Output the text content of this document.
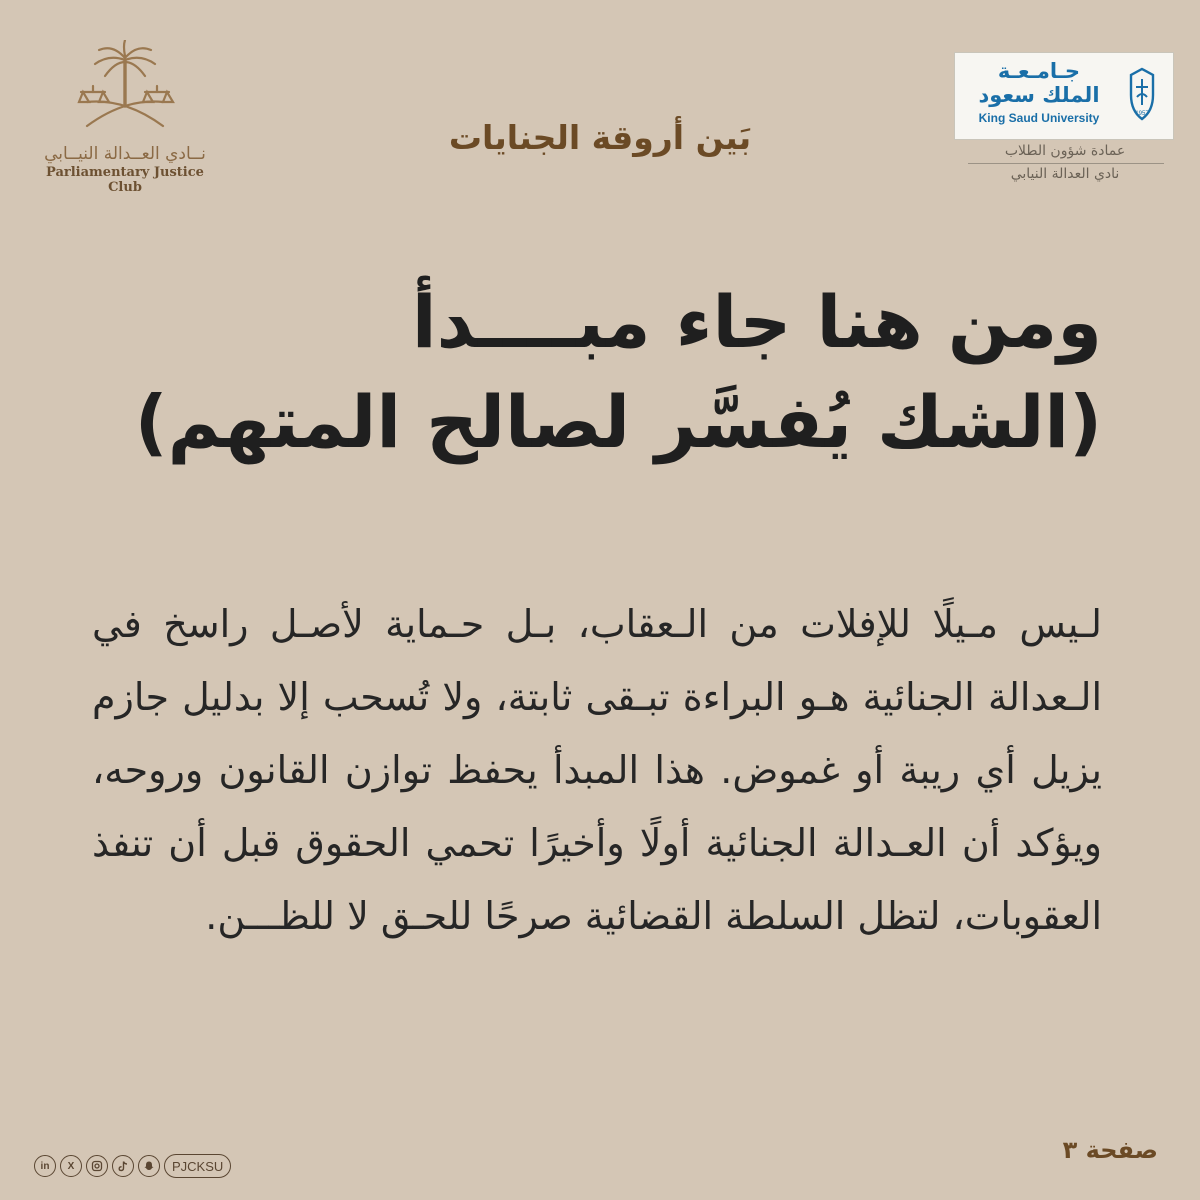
نــادي العــدالة النيــابي
Parliamentary Justice Club
1957
جـامـعـة
الملك سعود
King Saud University
عمادة شؤون الطلاب
نادي العدالة النيابي
بَين أروقة الجنايات
ومن هنا جاء مبــــدأ
(الشك يُفسَّر لصالح المتهم)
لـيس مـيلًا للإفلات من الـعقاب، بـل حـماية لأصـل راسخ في الـعدالة الجنائية هـو البراءة تبـقى ثابتة، ولا تُسحب إلا بدليل جازم يزيل أي ريبة أو غموض. هذا المبدأ يحفظ توازن القانون وروحه، ويؤكد أن العـدالة الجنائية أولًا وأخيرًا تحمي الحقوق قبل أن تنفذ العقوبات، لتظل السلطة القضائية صرحًا للحـق لا للظـــن.
in	X	PJCKSU
صفحة ٣
